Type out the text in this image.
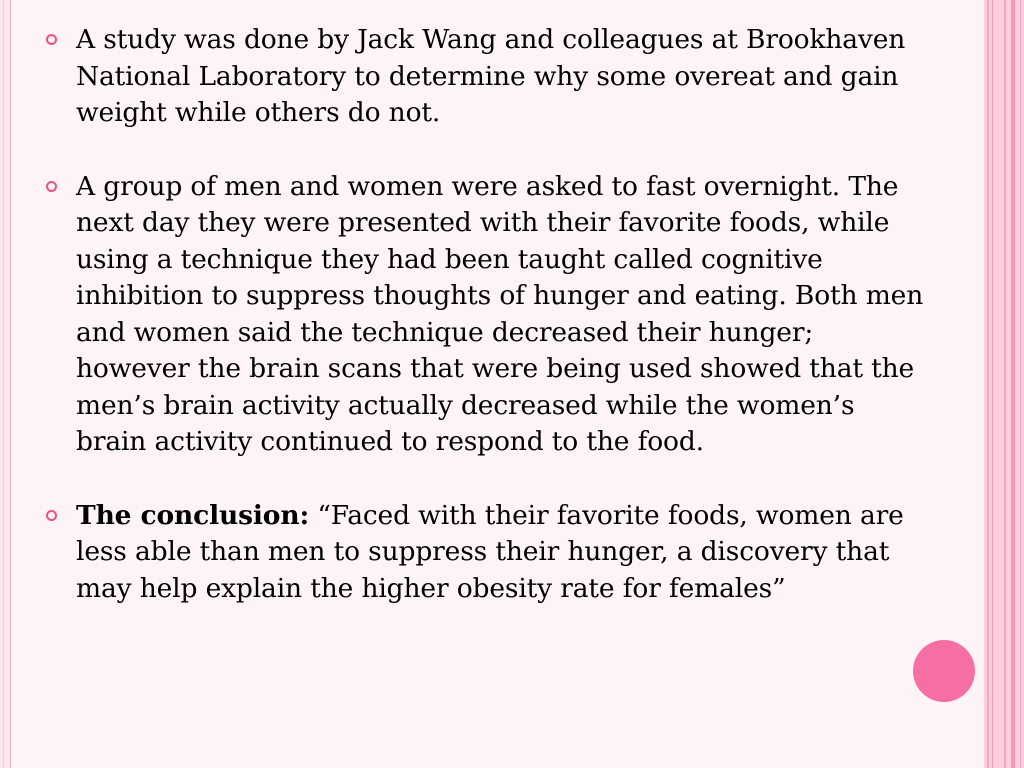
A study was done by Jack Wang and colleagues at Brookhaven National Laboratory to determine why some overeat and gain weight while others do not.
A group of men and women were asked to fast overnight. The next day they were presented with their favorite foods, while using a technique they had been taught called cognitive inhibition to suppress thoughts of hunger and eating. Both men and women said the technique decreased their hunger; however the brain scans that were being used showed that the men’s brain activity actually decreased while the women’s brain activity continued to respond to the food.
The conclusion: “Faced with their favorite foods, women are less able than men to suppress their hunger, a discovery that may help explain the higher obesity rate for females”
